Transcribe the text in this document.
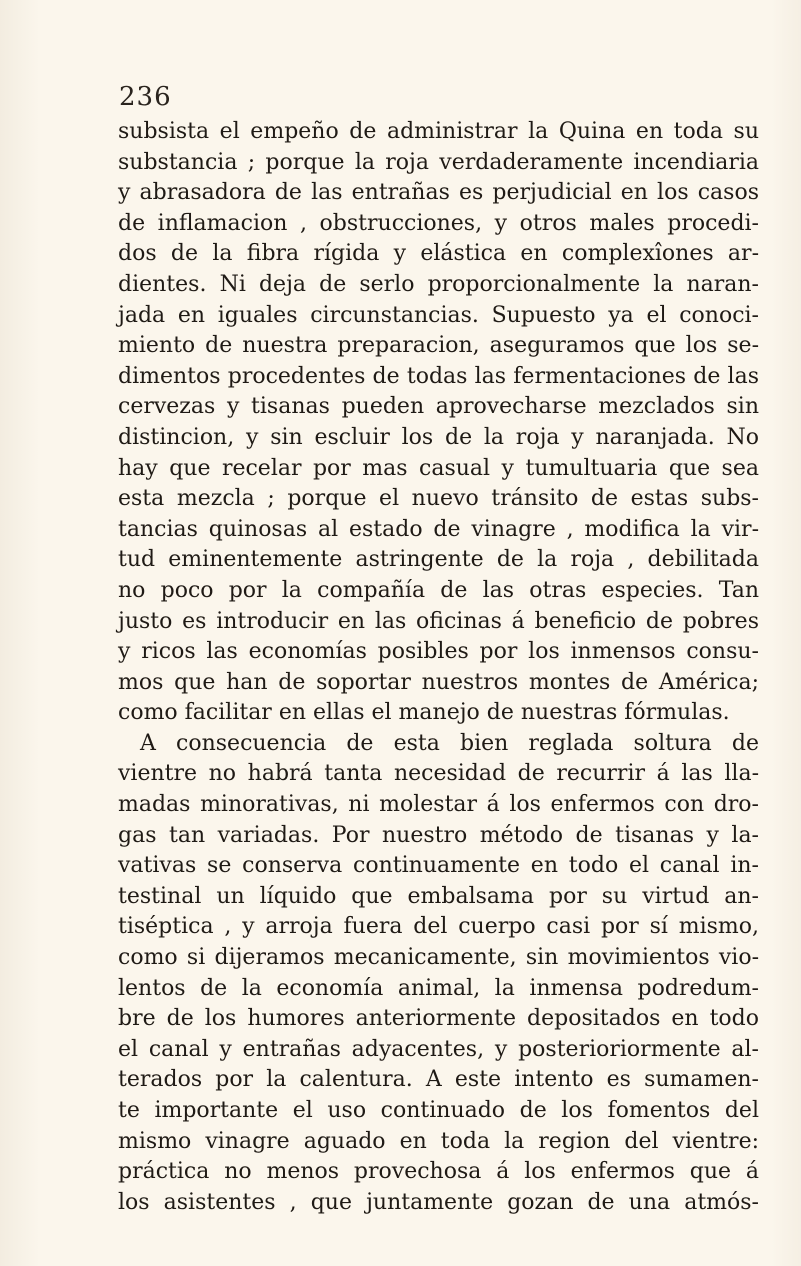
236

subsista el empeño de administrar la Quina en toda su
substancia ; porque la roja verdaderamente incendiaria
y abrasadora de las entrañas es perjudicial en los casos
de inflamacion , obstrucciones, y otros males procedi-
dos de la fibra rígida y elástica en complexîones ar-
dientes. Ni deja de serlo proporcionalmente la naran-
jada en iguales circunstancias. Supuesto ya el conoci-
miento de nuestra preparacion, aseguramos que los se-
dimentos procedentes de todas las fermentaciones de las
cervezas y tisanas pueden aprovecharse mezclados sin
distincion, y sin escluir los de la roja y naranjada. No
hay que recelar por mas casual y tumultuaria que sea
esta mezcla ; porque el nuevo tránsito de estas subs-
tancias quinosas al estado de vinagre , modifica la vir-
tud eminentemente astringente de la roja , debilitada
no poco por la compañía de las otras especies. Tan
justo es introducir en las oficinas á beneficio de pobres
y ricos las economías posibles por los inmensos consu-
mos que han de soportar nuestros montes de América;
como facilitar en ellas el manejo de nuestras fórmulas.
A consecuencia de esta bien reglada soltura de
vientre no habrá tanta necesidad de recurrir á las lla-
madas minorativas, ni molestar á los enfermos con dro-
gas tan variadas. Por nuestro método de tisanas y la-
vativas se conserva continuamente en todo el canal in-
testinal un líquido que embalsama por su virtud an-
tiséptica , y arroja fuera del cuerpo casi por sí mismo,
como si dijeramos mecanicamente, sin movimientos vio-
lentos de la economía animal, la inmensa podredum-
bre de los humores anteriormente depositados en todo
el canal y entrañas adyacentes, y posterioriormente al-
terados por la calentura. A este intento es sumamen-
te importante el uso continuado de los fomentos del
mismo vinagre aguado en toda la region del vientre:
práctica no menos provechosa á los enfermos que á
los asistentes , que juntamente gozan de una atmós-
